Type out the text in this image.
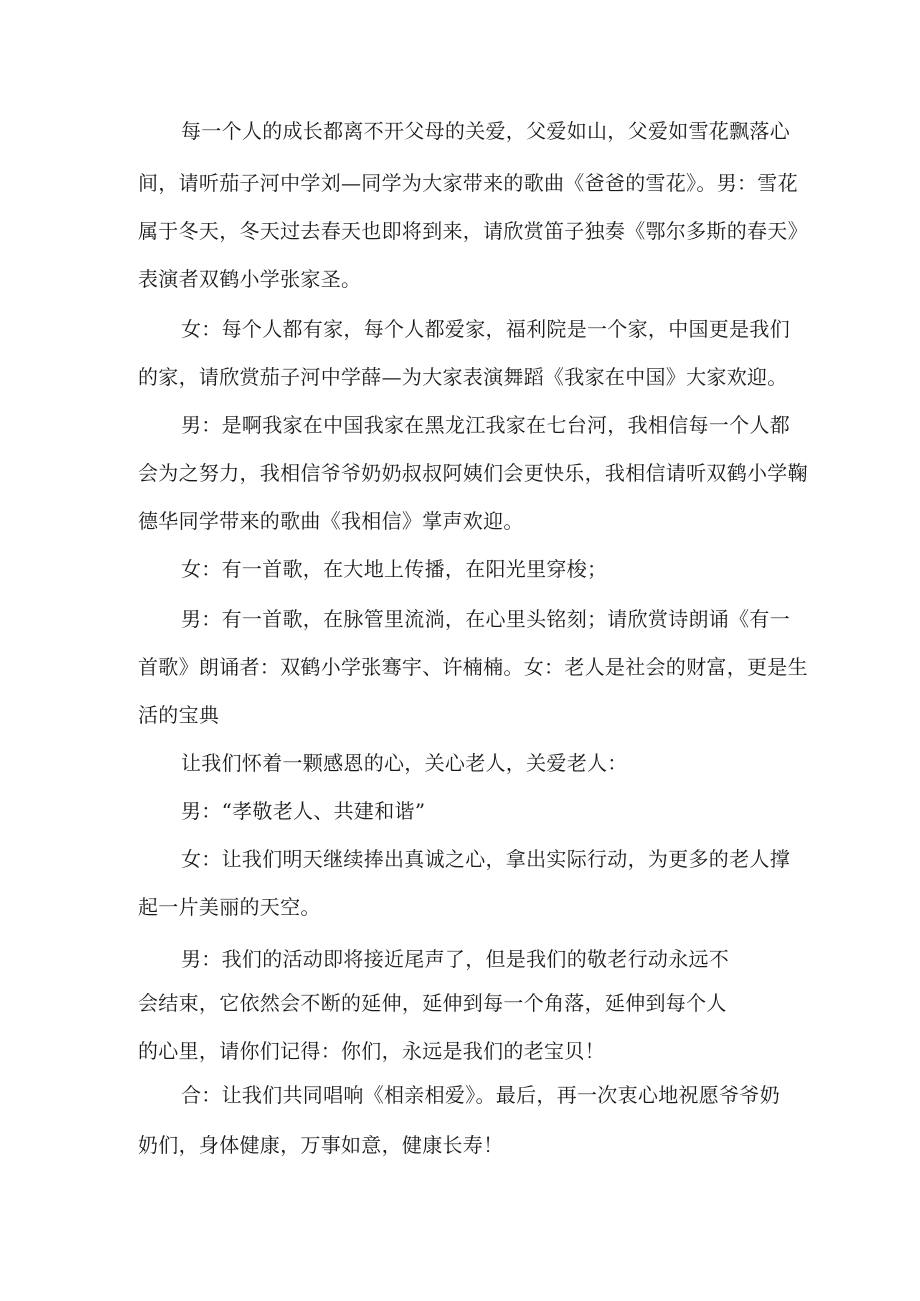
每一个人的成长都离不开父母的关爱，父爱如山，父爱如雪花飘落心
间，请听茄子河中学刘—同学为大家带来的歌曲《爸爸的雪花》。男：雪花
属于冬天，冬天过去春天也即将到来，请欣赏笛子独奏《鄂尔多斯的春天》
表演者双鹤小学张家圣。
女：每个人都有家，每个人都爱家，福利院是一个家，中国更是我们
的家，请欣赏茄子河中学薛—为大家表演舞蹈《我家在中国》大家欢迎。
男：是啊我家在中国我家在黑龙江我家在七台河，我相信每一个人都
会为之努力，我相信爷爷奶奶叔叔阿姨们会更快乐，我相信请听双鹤小学鞠
德华同学带来的歌曲《我相信》掌声欢迎。
女：有一首歌，在大地上传播，在阳光里穿梭；
男：有一首歌，在脉管里流淌，在心里头铭刻；请欣赏诗朗诵《有一
首歌》朗诵者：双鹤小学张骞宇、许楠楠。女：老人是社会的财富，更是生
活的宝典
让我们怀着一颗感恩的心，关心老人，关爱老人：
男：“孝敬老人、共建和谐”
女：让我们明天继续捧出真诚之心，拿出实际行动，为更多的老人撑
起一片美丽的天空。
男：我们的活动即将接近尾声了，但是我们的敬老行动永远不
会结束，它依然会不断的延伸，延伸到每一个角落，延伸到每个人
的心里，请你们记得：你们，永远是我们的老宝贝！
合：让我们共同唱响《相亲相爱》。最后，再一次衷心地祝愿爷爷奶
奶们，身体健康，万事如意，健康长寿！
